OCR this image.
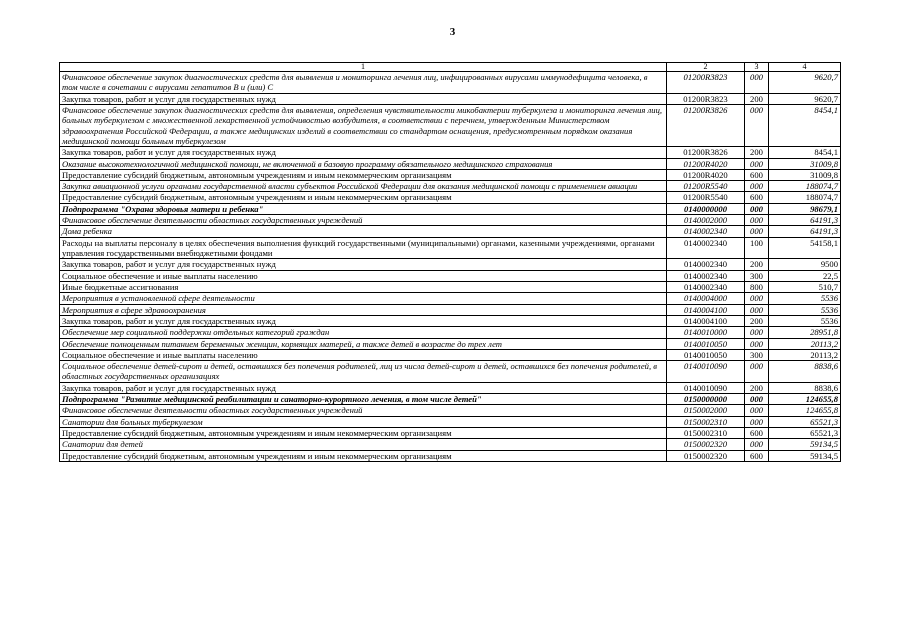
3
1	2	3	4
Финансовое обеспечение закупок диагностических средств для выявления и мониторинга лечения лиц, инфицированных вирусами иммунодефицита человека, в том числе в сочетании с вирусами гепатитов В и (или) С	01200R3823	000	9620,7
Закупка товаров, работ и услуг для государственных нужд	01200R3823	200	9620,7
Финансовое обеспечение закупок диагностических средств для выявления, определения чувствительности микобактерии туберкулеза и мониторинга лечения лиц, больных туберкулезом с множественной лекарственной устойчивостью возбудителя, в соответствии с перечнем, утвержденным Министерством здравоохранения Российской Федерации, а также медицинских изделий в соответствии со стандартом оснащения, предусмотренным порядком оказания медицинской помощи больным туберкулезом	01200R3826	000	8454,1
Закупка товаров, работ и услуг для государственных нужд	01200R3826	200	8454,1
Оказание высокотехнологичной медицинской помощи, не включенной в базовую программу обязательного медицинского страхования	01200R4020	000	31009,8
Предоставление субсидий бюджетным, автономным учреждениям и иным некоммерческим организациям	01200R4020	600	31009,8
Закупка авиационной услуги органами государственной власти субъектов Российской Федерации для оказания медицинской помощи с применением авиации	01200R5540	000	188074,7
Предоставление субсидий бюджетным, автономным учреждениям и иным некоммерческим организациям	01200R5540	600	188074,7
Подпрограмма "Охрана здоровья матери и ребенка"	0140000000	000	98679,1
Финансовое обеспечение деятельности областных государственных учреждений	0140002000	000	64191,3
Дома ребенка	0140002340	000	64191,3
Расходы на выплаты персоналу в целях обеспечения выполнения функций государственными (муниципальными) органами, казенными учреждениями, органами управления государственными внебюджетными фондами	0140002340	100	54158,1
Закупка товаров, работ и услуг для государственных нужд	0140002340	200	9500
Социальное обеспечение и иные выплаты населению	0140002340	300	22,5
Иные бюджетные ассигнования	0140002340	800	510,7
Мероприятия в установленной сфере деятельности	0140004000	000	5536
Мероприятия в сфере здравоохранения	0140004100	000	5536
Закупка товаров, работ и услуг для государственных нужд	0140004100	200	5536
Обеспечение мер социальной поддержки отдельных категорий граждан	0140010000	000	28951,8
Обеспечение полноценным питанием беременных женщин, кормящих матерей, а также детей в возрасте до трех лет	0140010050	000	20113,2
Социальное обеспечение и иные выплаты населению	0140010050	300	20113,2
Социальное обеспечение детей-сирот и детей, оставшихся без попечения родителей, лиц из числа детей-сирот и детей, оставшихся без попечения родителей, в областных государственных организациях	0140010090	000	8838,6
Закупка товаров, работ и услуг для государственных нужд	0140010090	200	8838,6
Подпрограмма "Развитие медицинской реабилитации и санаторно-курортного лечения, в том числе детей"	0150000000	000	124655,8
Финансовое обеспечение деятельности областных государственных учреждений	0150002000	000	124655,8
Санатории для больных туберкулезом	0150002310	000	65521,3
Предоставление субсидий бюджетным, автономным учреждениям и иным некоммерческим организациям	0150002310	600	65521,3
Санатории для детей	0150002320	000	59134,5
Предоставление субсидий бюджетным, автономным учреждениям и иным некоммерческим организациям	0150002320	600	59134,5
